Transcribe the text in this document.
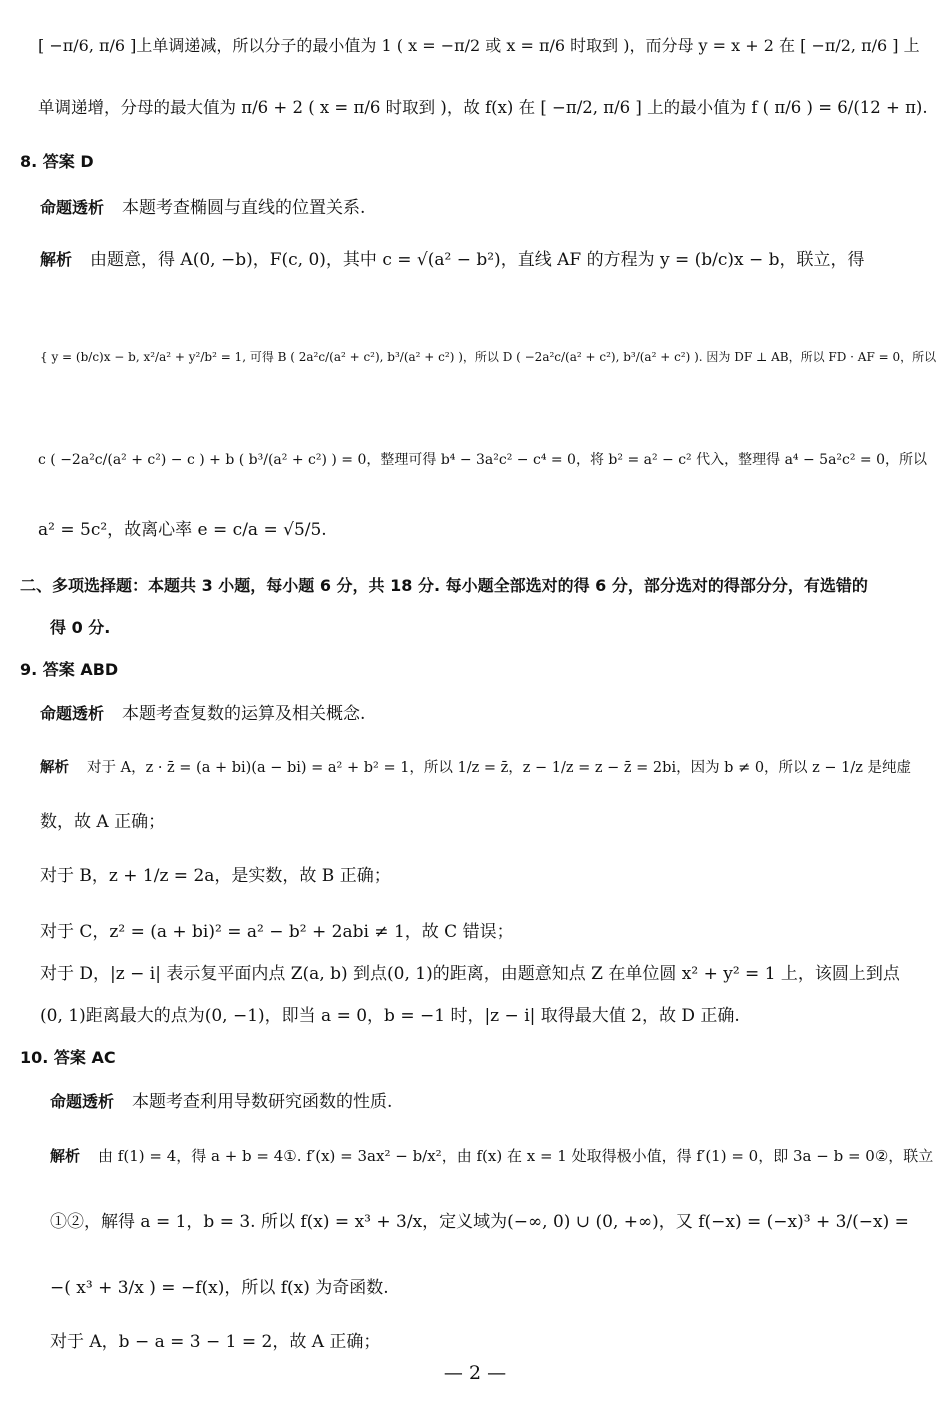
[ −π/6, π/6 ]上单调递减，所以分子的最小值为 1 ( x = −π/2 或 x = π/6 时取到 )，而分母 y = x + 2 在 [ −π/2, π/6 ] 上
单调递增，分母的最大值为 π/6 + 2 ( x = π/6 时取到 )，故 f(x) 在 [ −π/2, π/6 ] 上的最小值为 f ( π/6 ) = 6/(12 + π).
8. 答案 D
命题透析 本题考查椭圆与直线的位置关系.
解析 由题意，得 A(0, −b)，F(c, 0)，其中 c = √(a² − b²)，直线 AF 的方程为 y = (b/c)x − b，联立，得
{ y = (b/c)x − b, x²/a² + y²/b² = 1, 可得 B ( 2a²c/(a² + c²), b³/(a² + c²) )，所以 D ( −2a²c/(a² + c²), b³/(a² + c²) ). 因为 DF ⊥ AB，所以 FD · AF = 0，所以
c ( −2a²c/(a² + c²) − c ) + b ( b³/(a² + c²) ) = 0，整理可得 b⁴ − 3a²c² − c⁴ = 0，将 b² = a² − c² 代入，整理得 a⁴ − 5a²c² = 0，所以
a² = 5c²，故离心率 e = c/a = √5/5.
二、多项选择题：本题共 3 小题，每小题 6 分，共 18 分. 每小题全部选对的得 6 分，部分选对的得部分分，有选错的
得 0 分.
9. 答案 ABD
命题透析 本题考查复数的运算及相关概念.
解析 对于 A，z · z̄ = (a + bi)(a − bi) = a² + b² = 1，所以 1/z = z̄，z − 1/z = z − z̄ = 2bi，因为 b ≠ 0，所以 z − 1/z 是纯虚
数，故 A 正确；
对于 B，z + 1/z = 2a，是实数，故 B 正确；
对于 C，z² = (a + bi)² = a² − b² + 2abi ≠ 1，故 C 错误；
对于 D，|z − i| 表示复平面内点 Z(a, b) 到点(0, 1)的距离，由题意知点 Z 在单位圆 x² + y² = 1 上，该圆上到点
(0, 1)距离最大的点为(0, −1)，即当 a = 0，b = −1 时，|z − i| 取得最大值 2，故 D 正确.
10. 答案 AC
命题透析 本题考查利用导数研究函数的性质.
解析 由 f(1) = 4，得 a + b = 4①. f′(x) = 3ax² − b/x²，由 f(x) 在 x = 1 处取得极小值，得 f′(1) = 0，即 3a − b = 0②，联立
①②，解得 a = 1，b = 3. 所以 f(x) = x³ + 3/x，定义域为(−∞, 0) ∪ (0, +∞)，又 f(−x) = (−x)³ + 3/(−x) =
−( x³ + 3/x ) = −f(x)，所以 f(x) 为奇函数.
对于 A，b − a = 3 − 1 = 2，故 A 正确；
— 2 —
